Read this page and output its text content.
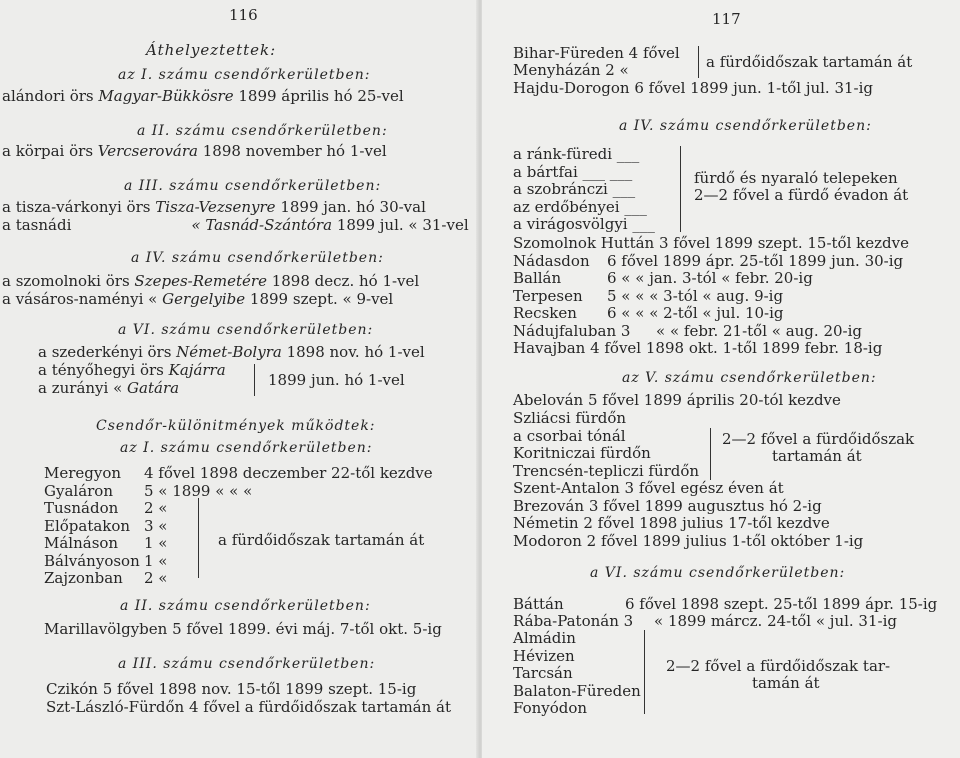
116
Áthelyeztettek:
az I. számu csendőrkerületben:
alándori örs Magyar-Bükkösre 1899 április hó 25-vel
a II. számu csendőrkerületben:
a körpai örs Vercserovára 1898 november hó 1-vel
a III. számu csendőrkerületben:
a tisza-várkonyi örs Tisza-Vezsenyre 1899 jan. hó 30-val
a tasnádi	« Tasnád-Szántóra 1899 jul. « 31-vel
a IV. számu csendőrkerületben:
a szomolnoki örs Szepes-Remetére 1898 decz. hó 1-vel
a vásáros-naményi « Gergelyibe 1899 szept. « 9-vel
a VI. számu csendőrkerületben:
a szederkényi örs Német-Bolyra 1898 nov. hó 1-vel
a tényőhegyi örs Kajárra
a zurányi « Gatára	1899 jun. hó 1-vel
Csendőr-különitmények működtek:
az I. számu csendőrkerületben:
Meregyon 4 fővel 1898 deczember 22-től kezdve
Gyaláron 5 « 1899 « « «
Tusnádon 2 «
Előpatakon 3 «
Málnáson 1 «
Bálványoson 1 «
Zajzonban 2 «
a fürdőidőszak tartamán át
a II. számu csendőrkerületben:
Marillavölgyben 5 fővel 1899. évi máj. 7-től okt. 5-ig
a III. számu csendőrkerületben:
Czikón 5 fővel 1898 nov. 15-től 1899 szept. 15-ig
Szt-László-Fürdőn 4 fővel a fürdőidőszak tartamán át
117
Bihar-Füreden 4 fővel
Menyházán 2 «	a fürdőidőszak tartamán át
Hajdu-Dorogon 6 fővel 1899 jun. 1-től jul. 31-ig
a IV. számu csendőrkerületben:
a ránk-füredi ___
a bártfai ___ ___
a szobránczi ___
az erdőbényei ___
a virágosvölgyi ___
fürdő és nyaraló telepeken
2—2 fővel a fürdő évadon át
Szomolnok Huttán 3 fővel 1899 szept. 15-től kezdve
Nádasdon 6 fővel 1899 ápr. 25-től 1899 jun. 30-ig
Ballán	6 « « jan. 3-tól « febr. 20-ig
Terpesen 5 « « « 3-tól « aug. 9-ig
Recsken 6 « « « 2-től « jul. 10-ig
Nádujfaluban 3 « « febr. 21-től « aug. 20-ig
Havajban 4 fővel 1898 okt. 1-től 1899 febr. 18-ig
az V. számu csendőrkerületben:
Abelován 5 fővel 1899 április 20-tól kezdve
Szliácsi fürdőn
a csorbai tónál
Koritniczai fürdőn
Trencsén-tepliczi fürdőn
2—2 fővel a fürdőidőszak
tartamán át
Szent-Antalon 3 fővel egész éven át
Brezován 3 fővel 1899 augusztus hó 2-ig
Németin 2 fővel 1898 julius 17-től kezdve
Modoron 2 fővel 1899 julius 1-től október 1-ig
a VI. számu csendőrkerületben:
Báttán	6 fővel 1898 szept. 25-től 1899 ápr. 15-ig
Rába-Patonán 3 « 1899 márcz. 24-től « jul. 31-ig
Almádin
Hévizen
Tarcsán
Balaton-Füreden
Fonyódon
2—2 fővel a fürdőidőszak tar-
tamán át
